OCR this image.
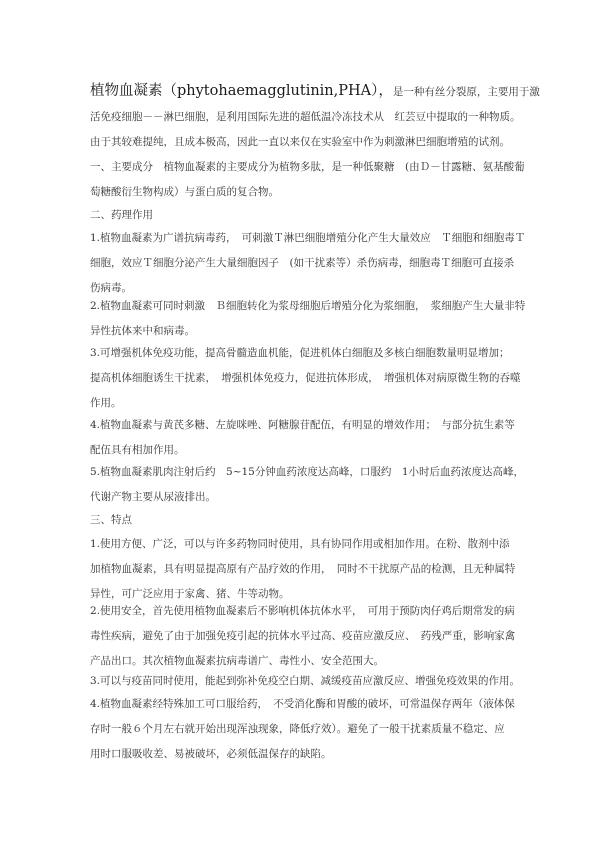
植物血凝素（phytohaemagglutinin,PHA），是一种有丝分裂原，主要用于激
活免疫细胞－－淋巴细胞，是利用国际先进的超低温冷冻技术从　红芸豆中提取的一种物质。
由于其较难提纯，且成本极高，因此一直以来仅在实验室中作为刺激淋巴细胞增殖的试剂。
一、主要成分　植物血凝素的主要成分为植物多肽，是一种低聚糖　(由Ｄ－甘露糖、氨基酸葡
萄糖酸衍生物构成）与蛋白质的复合物。
二、药理作用
1.植物血凝素为广谱抗病毒药，　可刺激Ｔ淋巴细胞增殖分化产生大量效应　Ｔ细胞和细胞毒Ｔ
细胞，效应Ｔ细胞分泌产生大量细胞因子　(如干扰素等）杀伤病毒，细胞毒Ｔ细胞可直接杀
伤病毒。
2.植物血凝素可同时刺激　Ｂ细胞转化为浆母细胞后增殖分化为浆细胞，　浆细胞产生大量非特
异性抗体来中和病毒。
3.可增强机体免疫功能，提高骨髓造血机能，促进机体白细胞及多核白细胞数量明显增加；
提高机体细胞诱生干扰素，　增强机体免疫力，促进抗体形成，　增强机体对病原微生物的吞噬
作用。
4.植物血凝素与黄芪多糖、左旋咪唑、阿糖腺苷配伍，有明显的增效作用；　与部分抗生素等
配伍具有相加作用。
5.植物血凝素肌肉注射后约　5~15分钟血药浓度达高峰，口服约　1小时后血药浓度达高峰，
代谢产物主要从尿液排出。
三、特点
1.使用方便、广泛，可以与许多药物同时使用，具有协同作用或相加作用。在粉、散剂中添
加植物血凝素，具有明显提高原有产品疗效的作用，　同时不干扰原产品的检测，且无种属特
异性，可广泛应用于家禽、猪、牛等动物。
2.使用安全，首先使用植物血凝素后不影响机体抗体水平，　可用于预防肉仔鸡后期常发的病
毒性疾病，避免了由于加强免疫引起的抗体水平过高、疫苗应激反应、　药残严重，影响家禽
产品出口。其次植物血凝素抗病毒谱广、毒性小、安全范围大。
3.可以与疫苗同时使用，能起到弥补免疫空白期、减缓疫苗应激反应、增强免疫效果的作用。
4.植物血凝素经特殊加工可口服给药，　不受消化酶和胃酸的破坏，可常温保存两年（液体保
存时一般６个月左右就开始出现浑浊现象，降低疗效）。避免了一般干扰素质量不稳定、应
用时口服吸收差、易被破坏，必须低温保存的缺陷。
